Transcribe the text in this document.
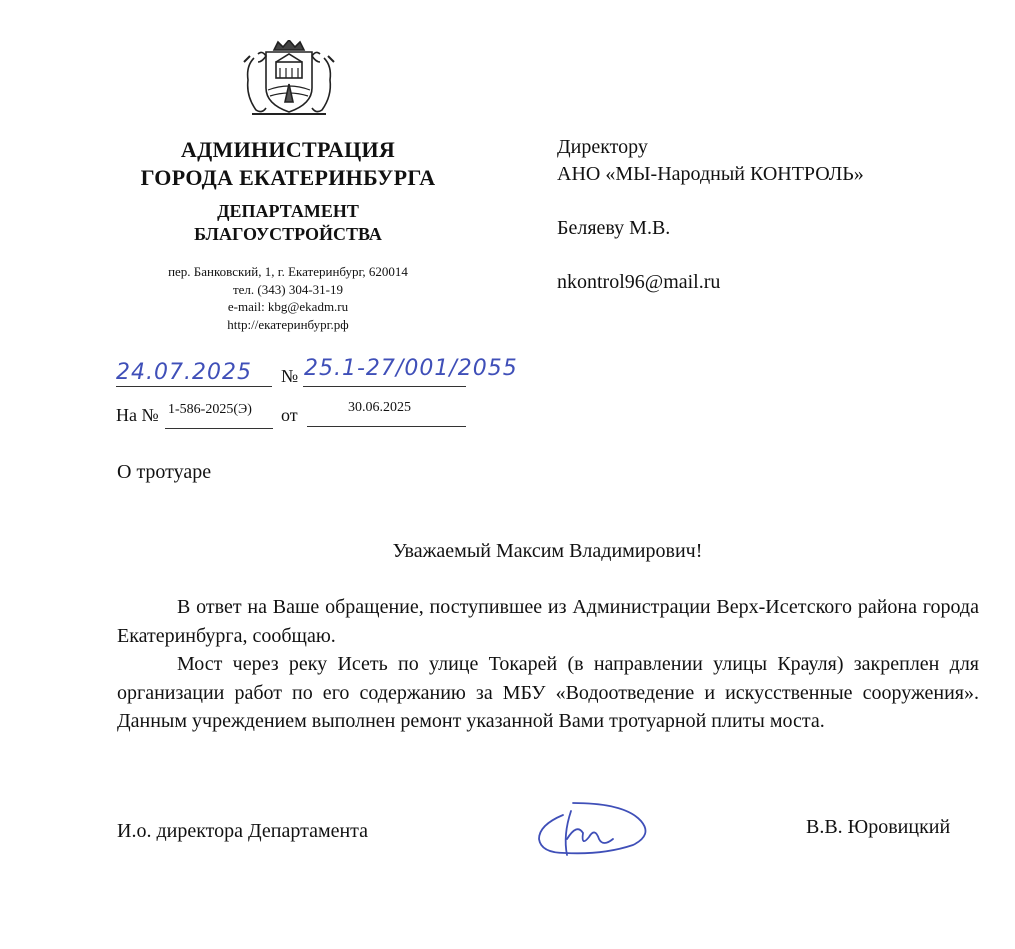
АДМИНИСТРАЦИЯ
ГОРОДА ЕКАТЕРИНБУРГА
ДЕПАРТАМЕНТ
БЛАГОУСТРОЙСТВА
пер. Банковский, 1, г. Екатеринбург, 620014
тел. (343) 304-31-19
e-mail: kbg@ekadm.ru
http://екатеринбург.рф
Директору
АНО «МЫ-Народный КОНТРОЛЬ»
Беляеву М.В.
nkontrol96@mail.ru
24.07.2025 № 25.1-27/001/2055
На № 1-586-2025(Э) от	30.06.2025
О тротуаре
Уважаемый Максим Владимирович!

В ответ на Ваше обращение, поступившее из Администрации Верх-Исетского района города Екатеринбурга, сообщаю.

Мост через реку Исеть по улице Токарей (в направлении улицы Крауля) закреплен для организации работ по его содержанию за МБУ «Водоотведение и искусственные сооружения». Данным учреждением выполнен ремонт указанной Вами тротуарной плиты моста.

И.о. директора Департамента	В.В. Юровицкий
